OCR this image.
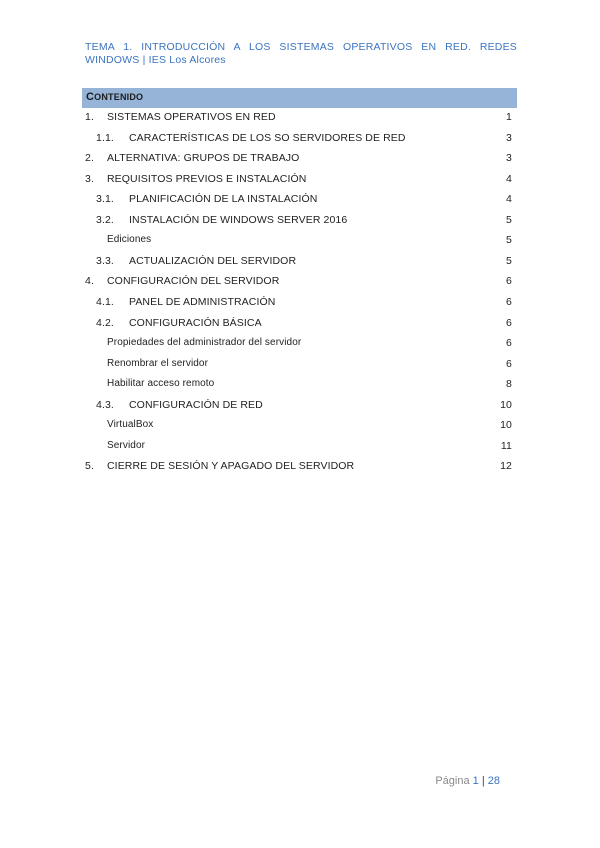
TEMA 1. INTRODUCCIÓN A LOS SISTEMAS OPERATIVOS EN RED. REDES
WINDOWS | IES Los Alcores
CONTENIDO
1. SISTEMAS OPERATIVOS EN RED	1
1.1. CARACTERÍSTICAS DE LOS SO SERVIDORES DE RED	3
2. ALTERNATIVA: GRUPOS DE TRABAJO	3
3. REQUISITOS PREVIOS E INSTALACIÓN	4
3.1. PLANIFICACIÓN DE LA INSTALACIÓN	4
3.2. INSTALACIÓN DE WINDOWS SERVER 2016	5
Ediciones	5
3.3. ACTUALIZACIÓN DEL SERVIDOR	5
4. CONFIGURACIÓN DEL SERVIDOR	6
4.1. PANEL DE ADMINISTRACIÓN	6
4.2. CONFIGURACIÓN BÁSICA	6
Propiedades del administrador del servidor	6
Renombrar el servidor	6
Habilitar acceso remoto	8
4.3. CONFIGURACIÓN DE RED	10
VirtualBox	10
Servidor	11
5. CIERRE DE SESIÓN Y APAGADO DEL SERVIDOR	12
Página 1 | 28
